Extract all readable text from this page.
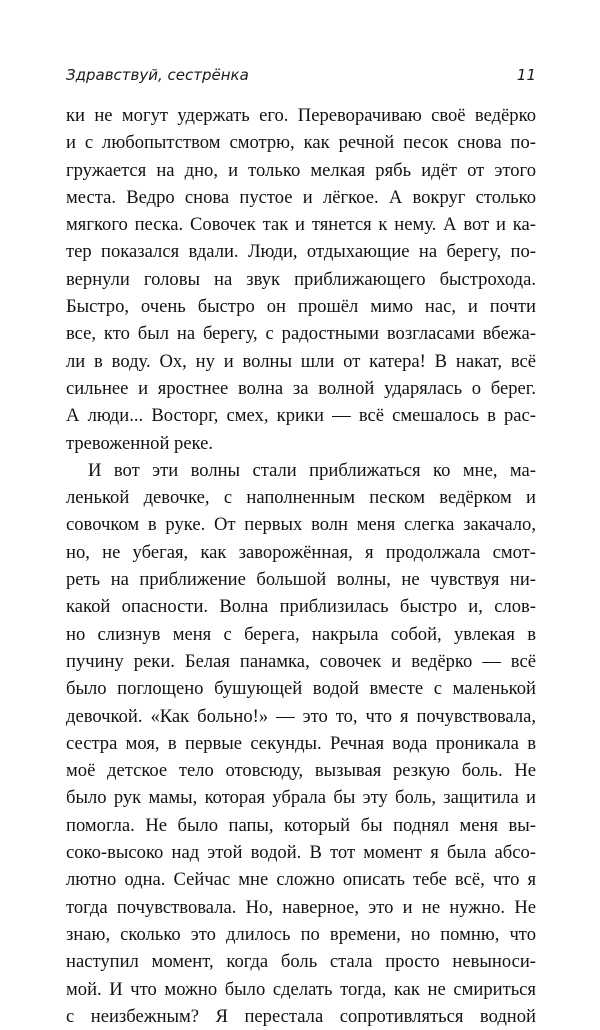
Здравствуй, сестрёнка	11
ки не могут удержать его. Переворачиваю своё ведёрко
и с любопытством смотрю, как речной песок снова по-
гружается на дно, и только мелкая рябь идёт от этого
места. Ведро снова пустое и лёгкое. А вокруг столько
мягкого песка. Совочек так и тянется к нему. А вот и ка-
тер показался вдали. Люди, отдыхающие на берегу, по-
вернули головы на звук приближающего быстрохода.
Быстро, очень быстро он прошёл мимо нас, и почти
все, кто был на берегу, с радостными возгласами вбежа-
ли в воду. Ох, ну и волны шли от катера! В накат, всё
сильнее и яростнее волна за волной ударялась о берег.
А люди... Восторг, смех, крики — всё смешалось в рас-
тревоженной реке.
И вот эти волны стали приближаться ко мне, ма-
ленькой девочке, с наполненным песком ведёрком и
совочком в руке. От первых волн меня слегка закачало,
но, не убегая, как заворожённая, я продолжала смот-
реть на приближение большой волны, не чувствуя ни-
какой опасности. Волна приблизилась быстро и, слов-
но слизнув меня с берега, накрыла собой, увлекая в
пучину реки. Белая панамка, совочек и ведёрко — всё
было поглощено бушующей водой вместе с маленькой
девочкой. «Как больно!» — это то, что я почувствовала,
сестра моя, в первые секунды. Речная вода проникала в
моё детское тело отовсюду, вызывая резкую боль. Не
было рук мамы, которая убрала бы эту боль, защитила и
помогла. Не было папы, который бы поднял меня вы-
соко-высоко над этой водой. В тот момент я была абсо-
лютно одна. Сейчас мне сложно описать тебе всё, что я
тогда почувствовала. Но, наверное, это и не нужно. Не
знаю, сколько это длилось по времени, но помню, что
наступил момент, когда боль стала просто невыноси-
мой. И что можно было сделать тогда, как не смириться
с неизбежным? Я перестала сопротивляться водной
